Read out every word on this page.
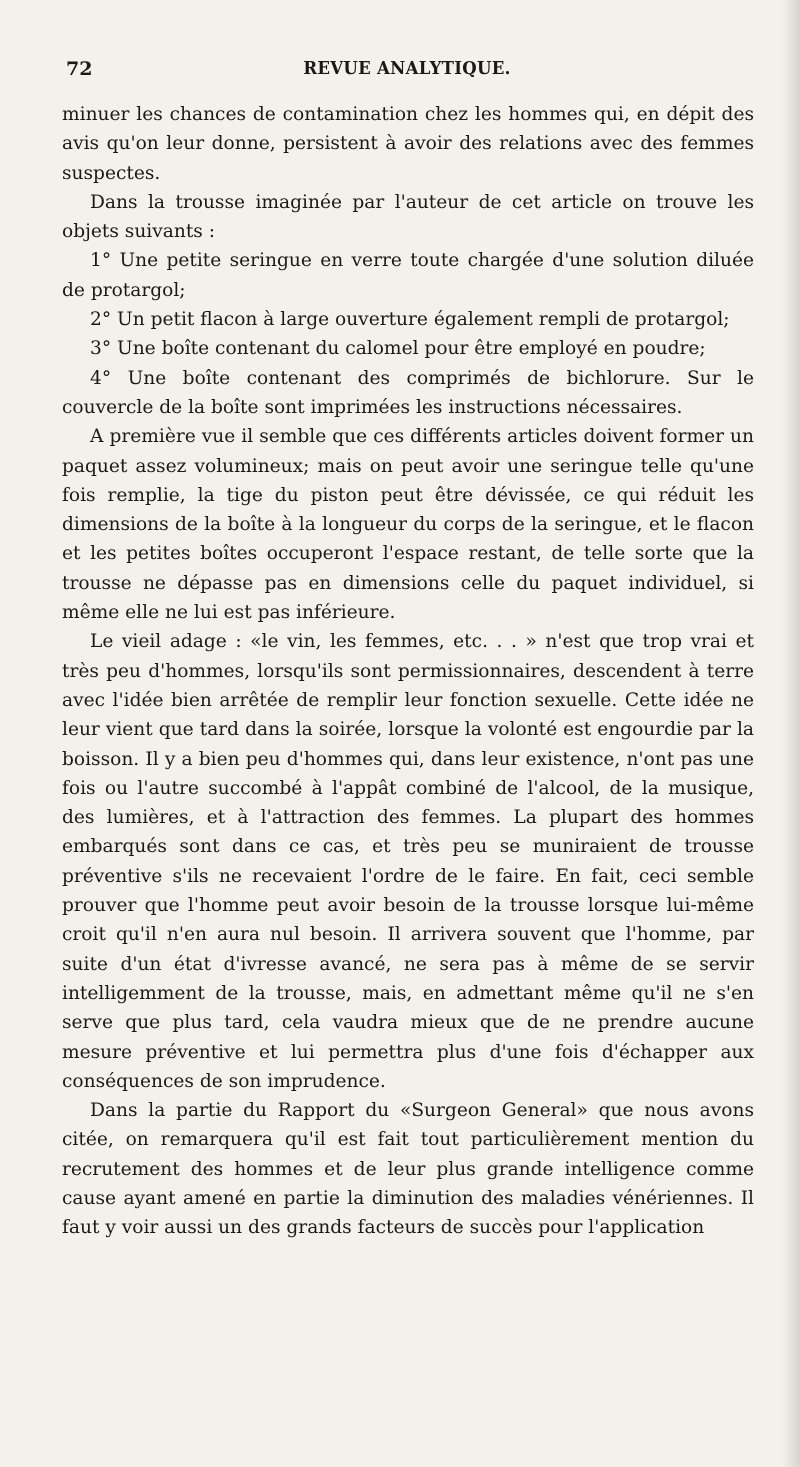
72	REVUE ANALYTIQUE.

minuer les chances de contamination chez les hommes qui, en dépit des avis qu'on leur donne, persistent à avoir des relations avec des femmes suspectes.

Dans la trousse imaginée par l'auteur de cet article on trouve les objets suivants :

1° Une petite seringue en verre toute chargée d'une solution diluée de protargol;

2° Un petit flacon à large ouverture également rempli de protargol;

3° Une boîte contenant du calomel pour être employé en poudre;

4° Une boîte contenant des comprimés de bichlorure. Sur le couvercle de la boîte sont imprimées les instructions nécessaires.

A première vue il semble que ces différents articles doivent former un paquet assez volumineux; mais on peut avoir une seringue telle qu'une fois remplie, la tige du piston peut être dévissée, ce qui réduit les dimensions de la boîte à la longueur du corps de la seringue, et le flacon et les petites boîtes occuperont l'espace restant, de telle sorte que la trousse ne dépasse pas en dimensions celle du paquet individuel, si même elle ne lui est pas inférieure.

Le vieil adage : «le vin, les femmes, etc. . . » n'est que trop vrai et très peu d'hommes, lorsqu'ils sont permissionnaires, descendent à terre avec l'idée bien arrêtée de remplir leur fonction sexuelle. Cette idée ne leur vient que tard dans la soirée, lorsque la volonté est engourdie par la boisson. Il y a bien peu d'hommes qui, dans leur existence, n'ont pas une fois ou l'autre succombé à l'appât combiné de l'alcool, de la musique, des lumières, et à l'attraction des femmes. La plupart des hommes embarqués sont dans ce cas, et très peu se muniraient de trousse préventive s'ils ne recevaient l'ordre de le faire. En fait, ceci semble prouver que l'homme peut avoir besoin de la trousse lorsque lui-même croit qu'il n'en aura nul besoin. Il arrivera souvent que l'homme, par suite d'un état d'ivresse avancé, ne sera pas à même de se servir intelligemment de la trousse, mais, en admettant même qu'il ne s'en serve que plus tard, cela vaudra mieux que de ne prendre aucune mesure préventive et lui permettra plus d'une fois d'échapper aux conséquences de son imprudence.

Dans la partie du Rapport du «Surgeon General» que nous avons citée, on remarquera qu'il est fait tout particulièrement mention du recrutement des hommes et de leur plus grande intelligence comme cause ayant amené en partie la diminution des maladies vénériennes. Il faut y voir aussi un des grands facteurs de succès pour l'application
